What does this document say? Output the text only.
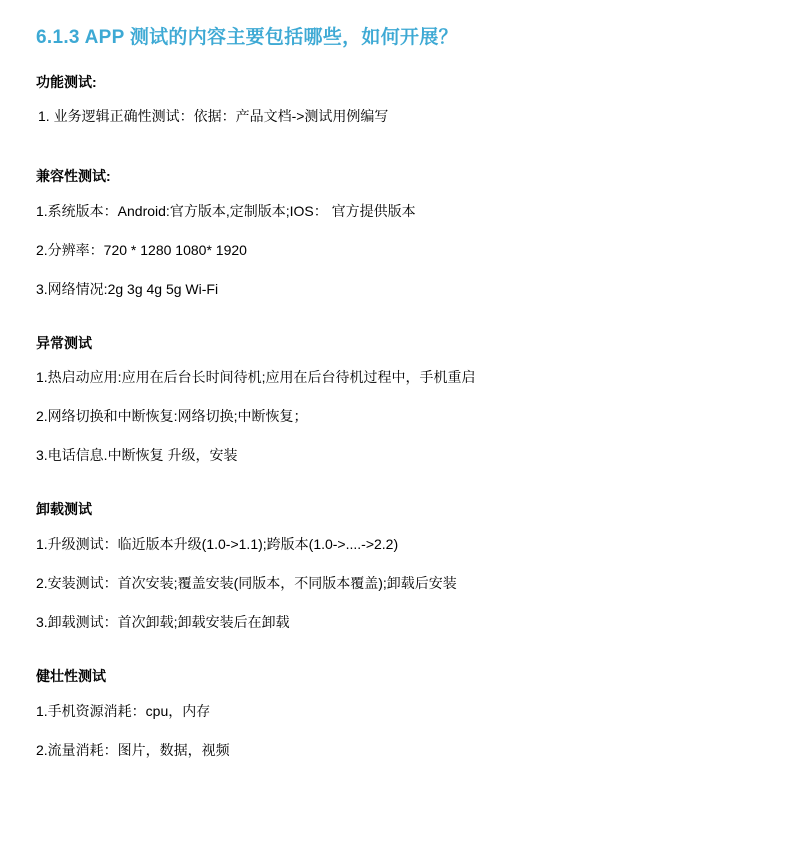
6.1.3 APP 测试的内容主要包括哪些，如何开展？
功能测试:
1. 业务逻辑正确性测试：依据：产品文档->测试用例编写
兼容性测试:
1.系统版本：Android:官方版本,定制版本;IOS： 官方提供版本
2.分辨率：720 * 1280 1080* 1920
3.网络情况:2g 3g 4g 5g Wi-Fi
异常测试
1.热启动应用:应用在后台长时间待机;应用在后台待机过程中，手机重启
2.网络切换和中断恢复:网络切换;中断恢复；
3.电话信息.中断恢复 升级，安装
卸载测试
1.升级测试：临近版本升级(1.0->1.1);跨版本(1.0->....->2.2)
2.安装测试：首次安装;覆盖安装(同版本，不同版本覆盖);卸载后安装
3.卸载测试：首次卸载;卸载安装后在卸载
健壮性测试
1.手机资源消耗：cpu，内存
2.流量消耗：图片，数据，视频
